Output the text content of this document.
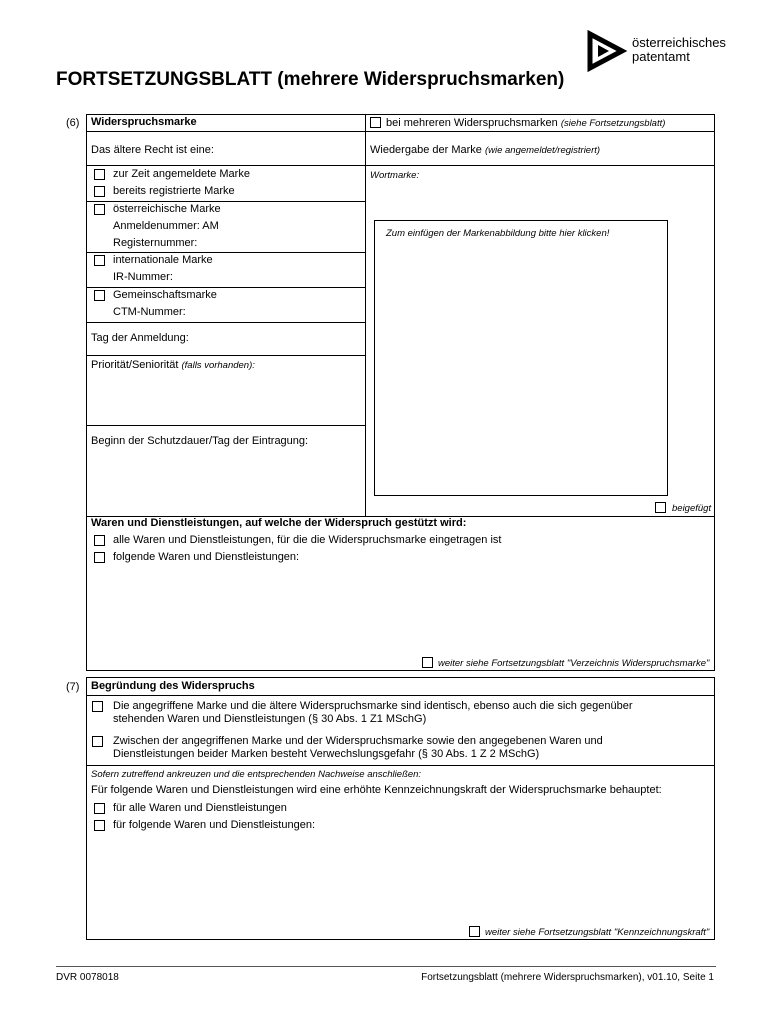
österreichisches
patentamt
FORTSETZUNGSBLATT (mehrere Widerspruchsmarken)
(6) Widerspruchsmarke	bei mehreren Widerspruchsmarken (siehe Fortsetzungsblatt)
Das ältere Recht ist eine:
zur Zeit angemeldete Marke
bereits registrierte Marke
österreichische Marke
Anmeldenummer: AM
Registernummer:
internationale Marke
IR-Nummer:
Gemeinschaftsmarke
CTM-Nummer:
Tag der Anmeldung:
Priorität/Seniorität (falls vorhanden):
Beginn der Schutzdauer/Tag der Eintragung:
Wiedergabe der Marke (wie angemeldet/registriert)
Wortmarke:
Zum einfügen der Markenabbildung bitte hier klicken!
beigefügt
Waren und Dienstleistungen, auf welche der Widerspruch gestützt wird:
alle Waren und Dienstleistungen, für die die Widerspruchsmarke eingetragen ist
folgende Waren und Dienstleistungen:
weiter siehe Fortsetzungsblatt "Verzeichnis Widerspruchsmarke"
(7) Begründung des Widerspruchs
Die angegriffene Marke und die ältere Widerspruchsmarke sind identisch, ebenso auch die sich gegenüber
stehenden Waren und Dienstleistungen (§ 30 Abs. 1 Z1 MSchG)
Zwischen der angegriffenen Marke und der Widerspruchsmarke sowie den angegebenen Waren und
Dienstleistungen beider Marken besteht Verwechslungsgefahr (§ 30 Abs. 1 Z 2 MSchG)
Sofern zutreffend ankreuzen und die entsprechenden Nachweise anschließen:
Für folgende Waren und Dienstleistungen wird eine erhöhte Kennzeichnungskraft der Widerspruchsmarke behauptet:
für alle Waren und Dienstleistungen
für folgende Waren und Dienstleistungen:
weiter siehe Fortsetzungsblatt "Kennzeichnungskraft"
DVR 0078018	Fortsetzungsblatt (mehrere Widerspruchsmarken), v01.10, Seite 1
